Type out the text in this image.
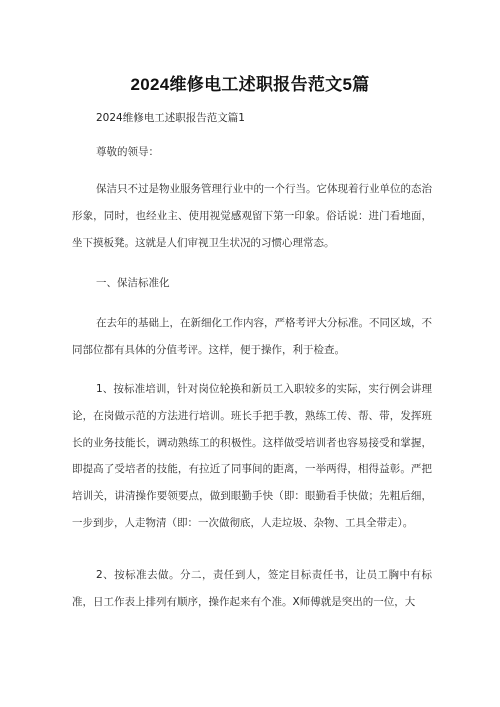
2024维修电工述职报告范文5篇
2024维修电工述职报告范文篇1

尊敬的领导：

保洁只不过是物业服务管理行业中的一个行当。它体现着行业单位的态治形象，同时，也经业主、使用视觉感观留下第一印象。俗话说：进门看地面，坐下摸板凳。这就是人们审视卫生状况的习惯心理常态。

一、保洁标准化

在去年的基础上，在新细化工作内容，严格考评大分标准。不同区域，不同部位都有具体的分值考评。这样，便于操作，利于检查。

1、按标准培训，针对岗位轮换和新员工入职较多的实际，实行例会讲理论，在岗做示范的方法进行培训。班长手把手教，熟练工传、帮、带，发挥班长的业务技能长，调动熟练工的积极性。这样做受培训者也容易接受和掌握，即提高了受培者的技能，有拉近了同事间的距离，一举两得，相得益彰。严把培训关，讲清操作要领要点，做到眼勤手快（即：眼勤看手快做；先粗后细，一步到步，人走物清（即：一次做彻底，人走垃圾、杂物、工具全带走）。

2、按标准去做。分二，责任到人，签定目标责任书，让员工胸中有标准，日工作表上排列有顺序，操作起来有个准。X师傅就是突出的一位，大
